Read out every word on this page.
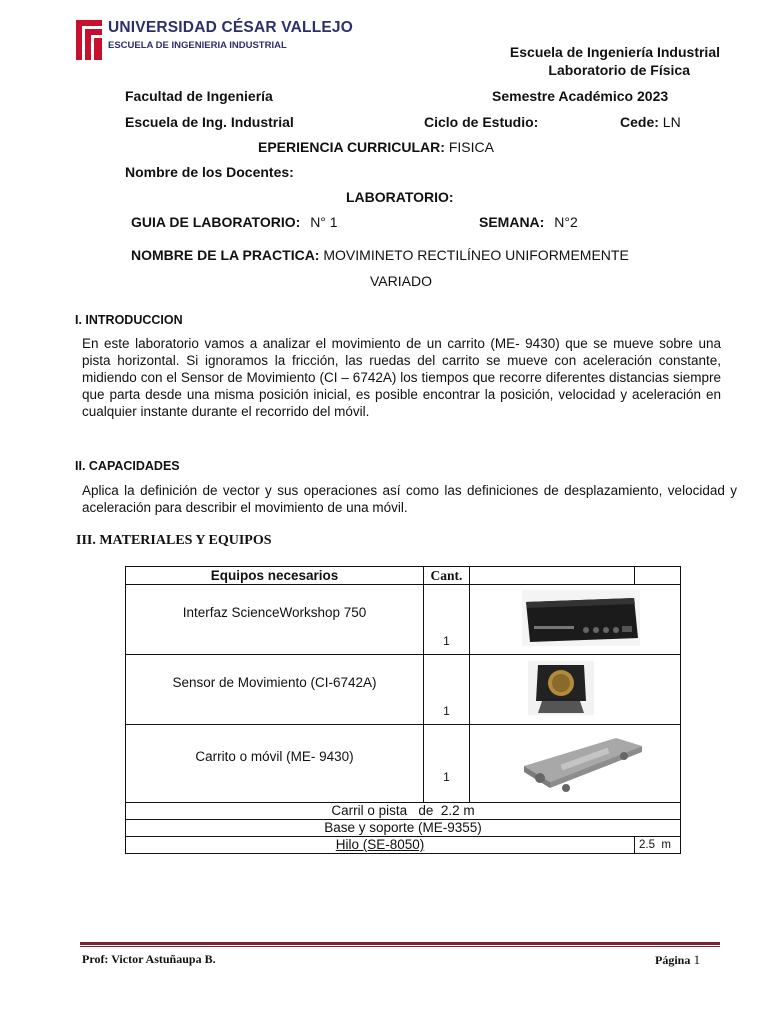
UNIVERSIDAD CÉSAR VALLEJO
ESCUELA DE INGENIERIA INDUSTRIAL	Escuela de Ingeniería Industrial
Laboratorio de Física
Facultad de Ingeniería	Semestre Académico 2023
Escuela de Ing. Industrial	Ciclo de Estudio:	Cede: LN
EPERIENCIA CURRICULAR: FISICA
Nombre de los Docentes:
LABORATORIO:
GUIA DE LABORATORIO: N° 1	SEMANA: N°2
NOMBRE DE LA PRACTICA: MOVIMINETO RECTILÍNEO UNIFORMEMENTE
VARIADO
I. INTRODUCCION
En este laboratorio vamos a analizar el movimiento de un carrito (ME- 9430) que se mueve sobre una pista horizontal. Si ignoramos la fricción, las ruedas del carrito se mueve con aceleración constante, midiendo con el Sensor de Movimiento (CI – 6742A) los tiempos que recorre diferentes distancias siempre que parta desde una misma posición inicial, es posible encontrar la posición, velocidad y aceleración en cualquier instante durante el recorrido del móvil.
II. CAPACIDADES
Aplica la definición de vector y sus operaciones así como las definiciones de desplazamiento, velocidad y aceleración para describir el movimiento de una móvil.
III. MATERIALES Y EQUIPOS
Equipos necesarios	Cant.		
Interfaz ScienceWorkshop 750	1	
Sensor de Movimiento (CI-6742A)	1	
Carrito o móvil (ME- 9430)	1	
Carril o pista   de  2.2 m			
Base y soporte (ME-9355)			
Hilo (SE-8050)			2.5  m
Prof: Victor Astuñaupa B.	Página 1
